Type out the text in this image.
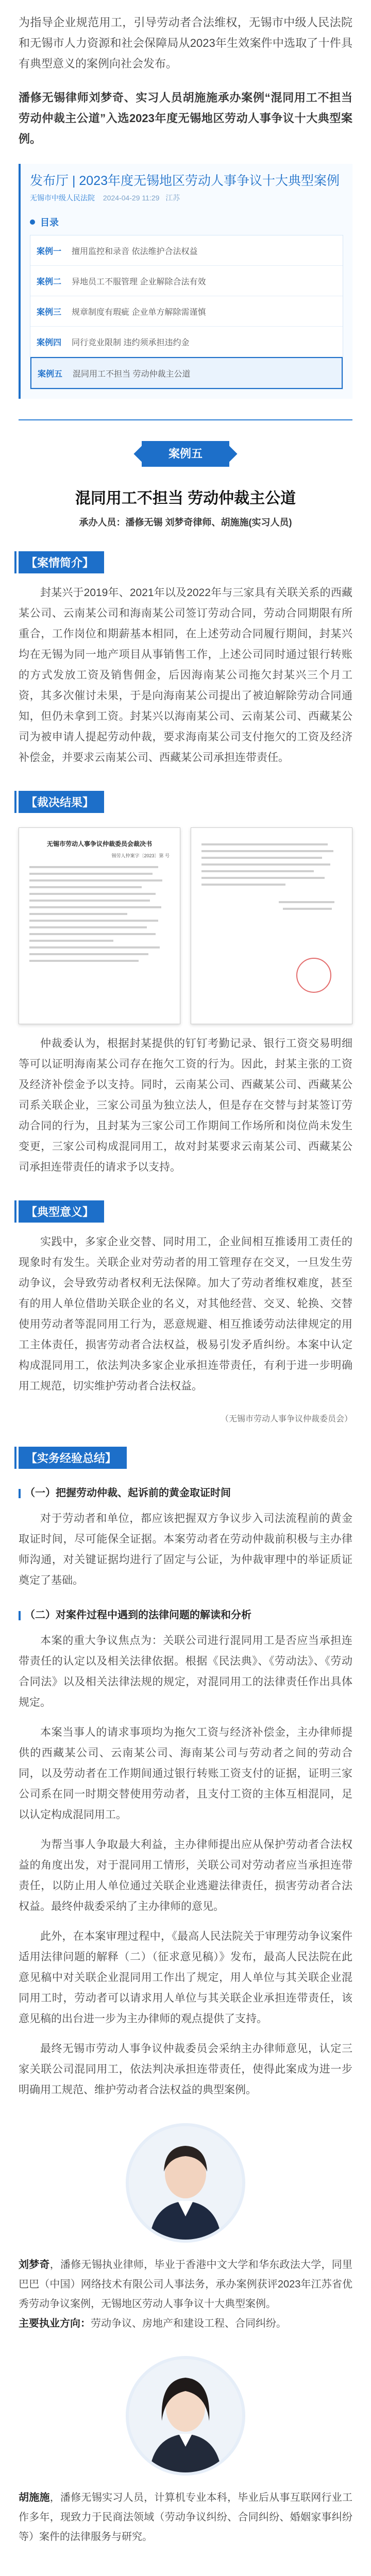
为指导企业规范用工，引导劳动者合法维权，无锡市中级人民法院和无锡市人力资源和社会保障局从2023年生效案件中选取了十件具有典型意义的案例向社会发布。

潘修无锡律师刘梦奇、实习人员胡施施承办案例“混同用工不担当 劳动仲裁主公道”入选2023年度无锡地区劳动人事争议十大典型案例。

发布厅 | 2023年度无锡地区劳动人事争议十大典型案例
无锡市中级人民法院 2024-04-29 11:29 江苏
目录
案例一 擅用监控和录音 依法维护合法权益
案例二 异地员工不服管理 企业解除合法有效
案例三 规章制度有瑕疵 企业单方解除需谨慎
案例四 同行竞业限制 违约须承担违约金
案例五 混同用工不担当 劳动仲裁主公道
案例五
混同用工不担当 劳动仲裁主公道
承办人员：潘修无锡 刘梦奇律师、胡施施(实习人员)
【案情简介】
封某兴于2019年、2021年以及2022年与三家具有关联关系的西藏某公司、云南某公司和海南某公司签订劳动合同，劳动合同期限有所重合，工作岗位和期薪基本相同，在上述劳动合同履行期间，封某兴均在无锡为同一地产项目从事销售工作，上述公司同时通过银行转账的方式发放工资及销售佣金，后因海南某公司拖欠封某兴三个月工资，其多次催讨未果，于是向海南某公司提出了被迫解除劳动合同通知，但仍未拿到工资。封某兴以海南某公司、云南某公司、西藏某公司为被申请人提起劳动仲裁，要求海南某公司支付拖欠的工资及经济补偿金，并要求云南某公司、西藏某公司承担连带责任。
【裁决结果】
无锡市劳动人事争议仲裁委员会裁决书
锡劳人仲案字〔2023〕第 号
仲裁委认为，根据封某提供的钉钉考勤记录、银行工资交易明细等可以证明海南某公司存在拖欠工资的行为。因此，封某主张的工资及经济补偿金予以支持。同时，云南某公司、西藏某公司、西藏某公司系关联企业，三家公司虽为独立法人，但是存在交替与封某签订劳动合同的行为，且封某为三家公司工作期间工作场所和岗位尚未发生变更，三家公司构成混同用工，故对封某要求云南某公司、西藏某公司承担连带责任的请求予以支持。
【典型意义】
实践中，多家企业交替、同时用工，企业间相互推诿用工责任的现象时有发生。关联企业对劳动者的用工管理存在交叉，一旦发生劳动争议，会导致劳动者权利无法保障。加大了劳动者维权难度，甚至有的用人单位借助关联企业的名义，对其他经营、交叉、轮换、交替使用劳动者等混同用工行为，恶意规避、相互推诿劳动法律规定的用工主体责任，损害劳动者合法权益，极易引发矛盾纠纷。本案中认定构成混同用工，依法判决多家企业承担连带责任，有利于进一步明确用工规范，切实维护劳动者合法权益。
（无锡市劳动人事争议仲裁委员会）
【实务经验总结】
（一）把握劳动仲裁、起诉前的黄金取证时间
对于劳动者和单位，都应该把握双方争议步入司法流程前的黄金取证时间，尽可能保全证据。本案劳动者在劳动仲裁前积极与主办律师沟通，对关键证据均进行了固定与公证，为仲裁审理中的举证质证奠定了基础。
（二）对案件过程中遇到的法律问题的解读和分析
本案的重大争议焦点为：关联公司进行混同用工是否应当承担连带责任的认定以及相关法律依据。根据《民法典》、《劳动法》、《劳动合同法》以及相关法律法规的规定，对混同用工的法律责任作出具体规定。
本案当事人的请求事项均为拖欠工资与经济补偿金，主办律师提供的西藏某公司、云南某公司、海南某公司与劳动者之间的劳动合同，以及劳动者在工作期间通过银行转账工资支付的证据，证明三家公司系在同一时期交替使用劳动者，且支付工资的主体互相混同，足以认定构成混同用工。
为帮当事人争取最大利益，主办律师提出应从保护劳动者合法权益的角度出发，对于混同用工情形，关联公司对劳动者应当承担连带责任，以防止用人单位通过关联企业逃避法律责任，损害劳动者合法权益。最终仲裁委采纳了主办律师的意见。
此外，在本案审理过程中，《最高人民法院关于审理劳动争议案件适用法律问题的解释（二）（征求意见稿）》发布，最高人民法院在此意见稿中对关联企业混同用工作出了规定，用人单位与其关联企业混同用工时，劳动者可以请求用人单位与其关联企业承担连带责任，该意见稿的出台进一步为主办律师的观点提供了支持。
最终无锡市劳动人事争议仲裁委员会采纳主办律师意见，认定三家关联公司混同用工，依法判决承担连带责任，使得此案成为进一步明确用工规范、维护劳动者合法权益的典型案例。
刘梦奇，潘修无锡执业律师，毕业于香港中文大学和华东政法大学，同里巴巴（中国）网络技术有限公司人事法务，承办案例获评2023年江苏省优秀劳动争议案例，无锡地区劳动人事争议十大典型案例。
主要执业方向：劳动争议、房地产和建设工程、合同纠纷。
胡施施，潘修无锡实习人员，计算机专业本科，毕业后从事互联网行业工作多年，现致力于民商法领域（劳动争议纠纷、合同纠纷、婚姻家事纠纷等）案件的法律服务与研究。
